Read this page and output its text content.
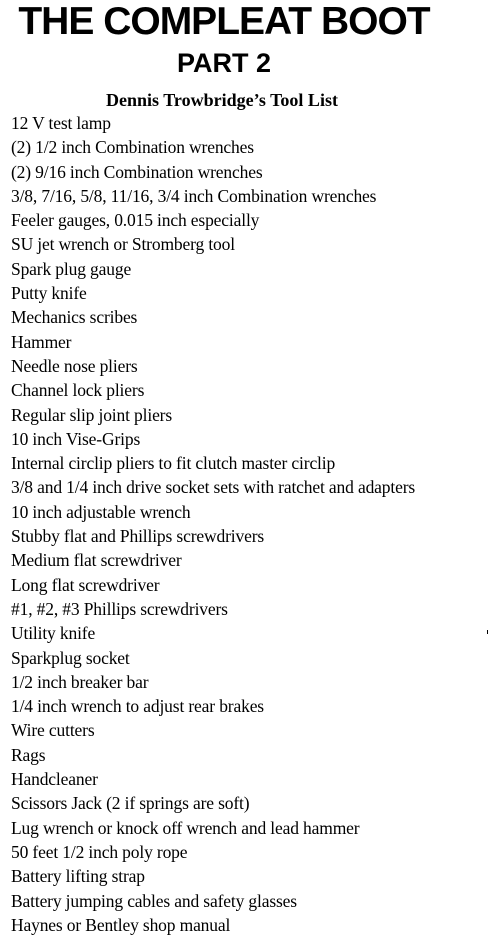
THE COMPLEAT BOOT
PART 2
Dennis Trowbridge’s Tool List
12 V test lamp
(2) 1/2 inch Combination wrenches
(2) 9/16 inch Combination wrenches
3/8, 7/16, 5/8, 11/16, 3/4 inch Combination wrenches
Feeler gauges, 0.015 inch especially
SU jet wrench or Stromberg tool
Spark plug gauge
Putty knife
Mechanics scribes
Hammer
Needle nose pliers
Channel lock pliers
Regular slip joint pliers
10 inch Vise-Grips
Internal circlip pliers to fit clutch master circlip
3/8 and 1/4 inch drive socket sets with ratchet and adapters
10 inch adjustable wrench
Stubby flat and Phillips screwdrivers
Medium flat screwdriver
Long flat screwdriver
#1, #2, #3 Phillips screwdrivers
Utility knife
Sparkplug socket
1/2 inch breaker bar
1/4 inch wrench to adjust rear brakes
Wire cutters
Rags
Handcleaner
Scissors Jack (2 if springs are soft)
Lug wrench or knock off wrench and lead hammer
50 feet 1/2 inch poly rope
Battery lifting strap
Battery jumping cables and safety glasses
Haynes or Bentley shop manual
